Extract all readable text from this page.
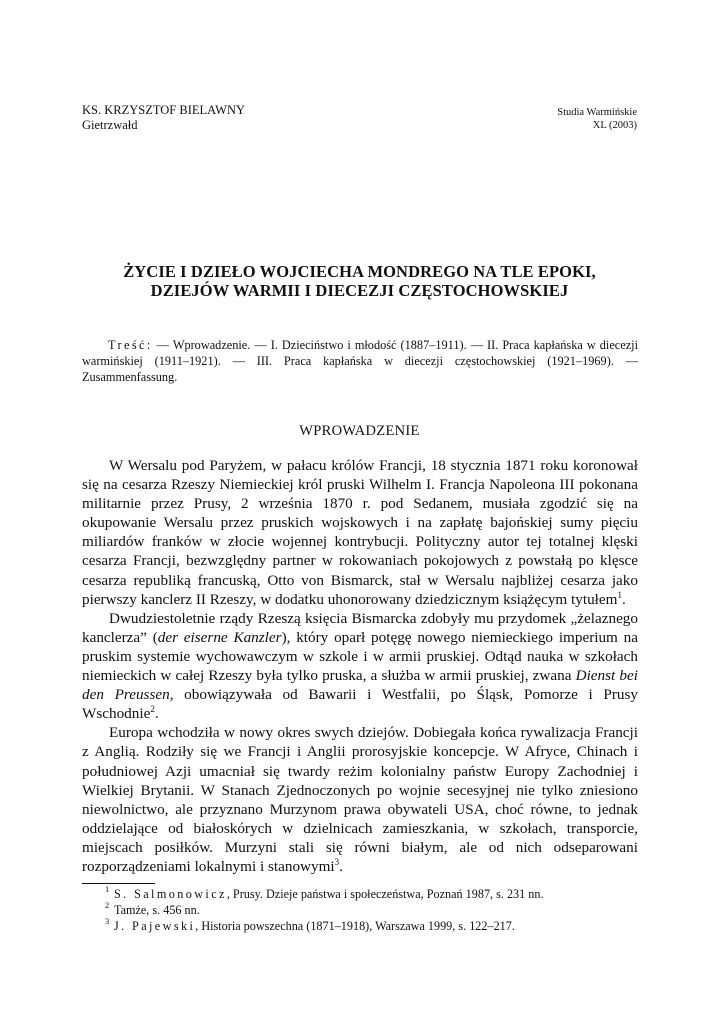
KS. KRZYSZTOF BIELAWNY
Gietrzwałd
Studia Warmińskie
XL (2003)
ŻYCIE I DZIEŁO WOJCIECHA MONDREGO NA TLE EPOKI,
DZIEJÓW WARMII I DIECEZJI CZĘSTOCHOWSKIEJ
Treść: — Wprowadzenie. — I. Dzieciństwo i młodość (1887–1911). — II. Praca kapłańska w diecezji warmińskiej (1911–1921). — III. Praca kapłańska w diecezji częstochowskiej (1921–1969). — Zusammenfassung.
WPROWADZENIE

W Wersalu pod Paryżem, w pałacu królów Francji, 18 stycznia 1871 roku koronował się na cesarza Rzeszy Niemieckiej król pruski Wilhelm I. Francja Napoleona III pokonana militarnie przez Prusy, 2 września 1870 r. pod Sedanem, musiała zgodzić się na okupowanie Wersalu przez pruskich wojskowych i na zapłatę bajońskiej sumy pięciu miliardów franków w złocie wojennej kontrybucji. Polityczny autor tej totalnej klęski cesarza Francji, bezwzględny partner w rokowaniach pokojowych z powstałą po klęsce cesarza republiką francuską, Otto von Bismarck, stał w Wersalu najbliżej cesarza jako pierwszy kanclerz II Rzeszy, w dodatku uhonorowany dziedzicznym książęcym tytułem$^1$.

Dwudziestoletnie rządy Rzeszą księcia Bismarcka zdobyły mu przydomek „żelaznego kanclerza” (der eiserne Kanzler), który oparł potęgę nowego niemieckiego imperium na pruskim systemie wychowawczym w szkole i w armii pruskiej. Odtąd nauka w szkołach niemieckich w całej Rzeszy była tylko pruska, a służba w armii pruskiej, zwana Dienst bei den Preussen, obowiązywała od Bawarii i Westfalii, po Śląsk, Pomorze i Prusy Wschodnie$^2$.

Europa wchodziła w nowy okres swych dziejów. Dobiegała końca rywalizacja Francji z Anglią. Rodziły się we Francji i Anglii prorosyjskie koncepcje. W Afryce, Chinach i południowej Azji umacniał się twardy reżim kolonialny państw Europy Zachodniej i Wielkiej Brytanii. W Stanach Zjednoczonych po wojnie secesyjnej nie tylko zniesiono niewolnictwo, ale przyznano Murzynom prawa obywateli USA, choć równe, to jednak oddzielające od białoskórych w dzielnicach zamieszkania, w szkołach, transporcie, miejscach posiłków. Murzyni stali się równi białym, ale od nich odseparowani rozporządzeniami lokalnymi i stanowymi$^3$.

1 S. Salmonowicz, Prusy. Dzieje państwa i społeczeństwa, Poznań 1987, s. 231 nn.
2 Tamże, s. 456 nn.
3 J. Pajewski, Historia powszechna (1871–1918), Warszawa 1999, s. 122–217.
